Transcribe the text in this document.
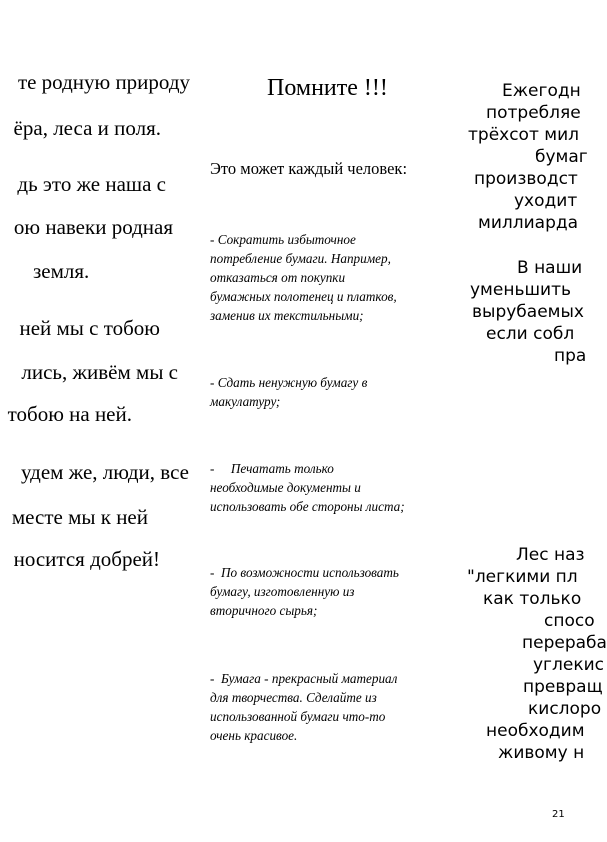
те родную природу
ёра, леса и поля.
дь это же наша с
ою навеки родная
земля.
ней мы с тобою
лись, живём мы с
тобою на ней.
удем же, люди, все
месте мы к ней
носится добрей!
Помните !!!
Это может каждый человек:
- Сократить избыточное
потребление бумаги. Например,
отказаться от покупки
бумажных полотенец и платков,
заменив их текстильными;
- Сдать ненужную бумагу в
макулатуру;
-     Печатать только
необходимые документы и
использовать обе стороны листа;
-  По возможности использовать
бумагу, изготовленную из
вторичного сырья;
-  Бумага - прекрасный материал
для творчества. Сделайте из
использованной бумаги что-то
очень красивое.
Ежегодн
потребляе
трёхсот мил
бумаг
производст
уходит
миллиарда
В наши
уменьшить
вырубаемых
если собл
пра
Лес наз
"легкими пл
как только
спосо
перераба
углекис
превращ
кислоро
необходим
живому н
21
